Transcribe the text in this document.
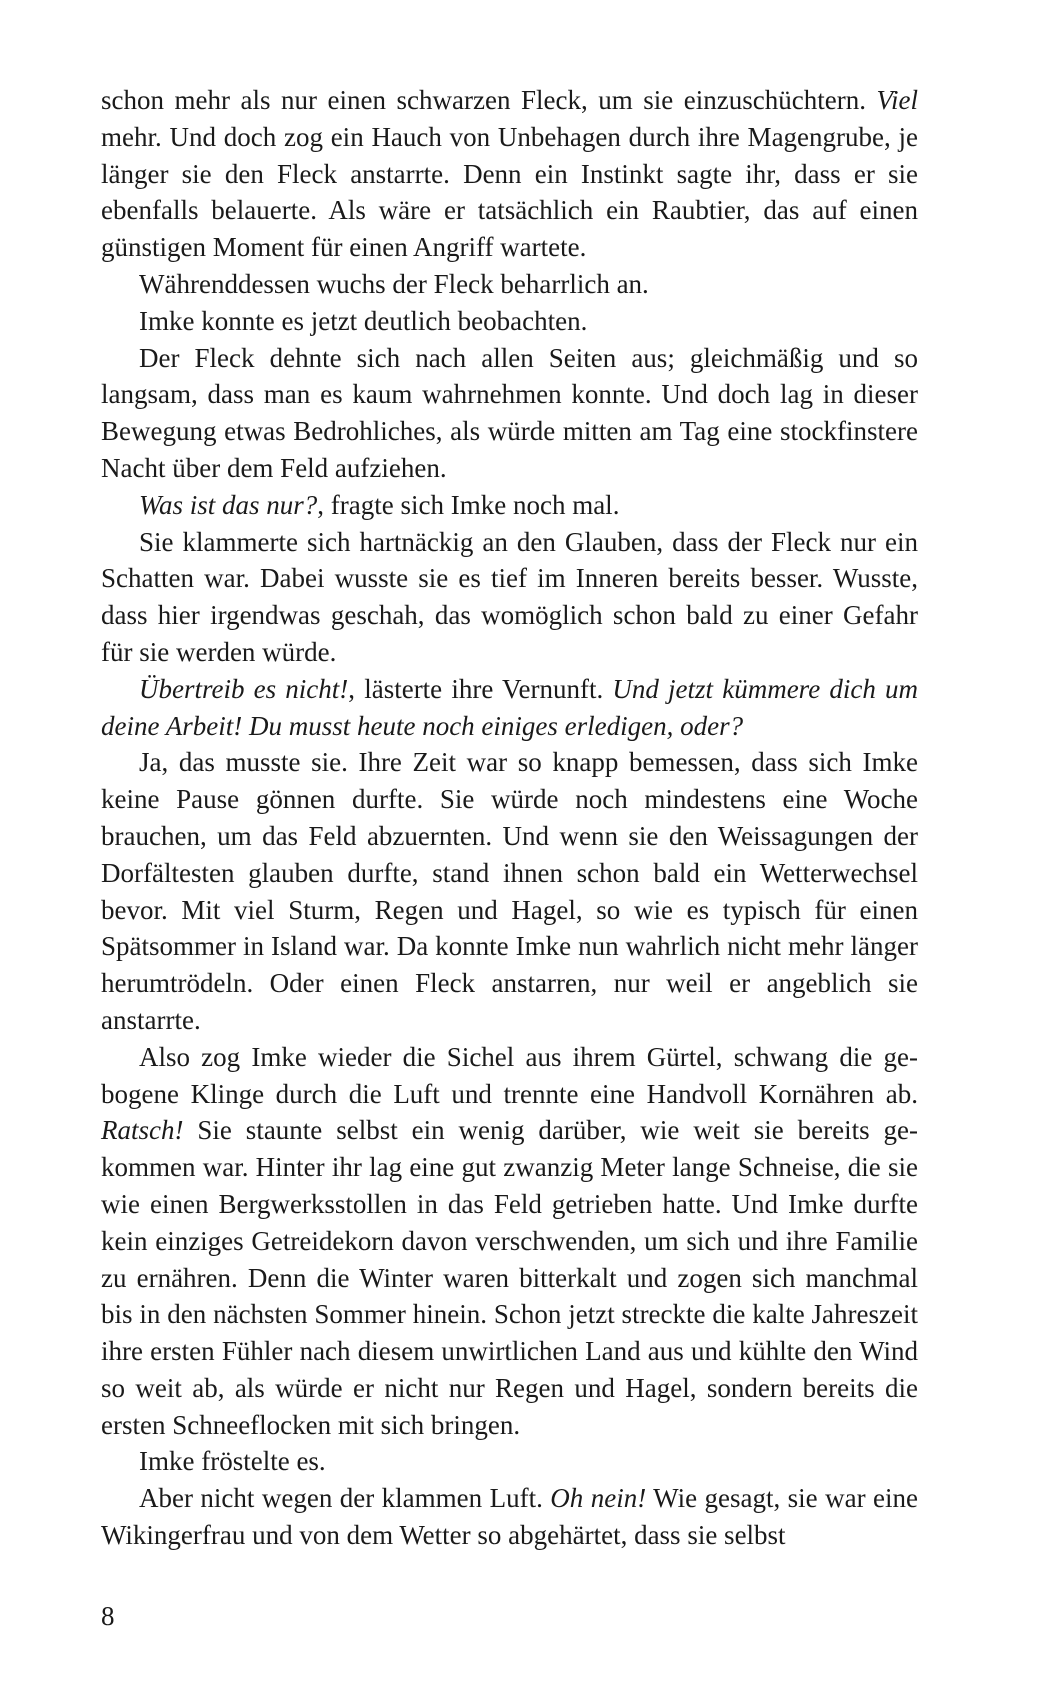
schon mehr als nur einen schwarzen Fleck, um sie einzuschüchtern. Viel mehr. Und doch zog ein Hauch von Unbehagen durch ihre Magengrube, je länger sie den Fleck anstarrte. Denn ein Instinkt sagte ihr, dass er sie ebenfalls belauerte. Als wäre er tatsächlich ein Raubtier, das auf einen günstigen Moment für einen Angriff wartete.

Währenddessen wuchs der Fleck beharrlich an.

Imke konnte es jetzt deutlich beobachten.

Der Fleck dehnte sich nach allen Seiten aus; gleichmäßig und so langsam, dass man es kaum wahrnehmen konnte. Und doch lag in dieser Bewegung etwas Bedrohliches, als würde mitten am Tag eine stockfinstere Nacht über dem Feld aufziehen.

Was ist das nur?, fragte sich Imke noch mal.

Sie klammerte sich hartnäckig an den Glauben, dass der Fleck nur ein Schatten war. Dabei wusste sie es tief im Inneren bereits besser. Wusste, dass hier irgendwas geschah, das womöglich schon bald zu einer Gefahr für sie werden würde.

Übertreib es nicht!, lästerte ihre Vernunft. Und jetzt kümmere dich um deine Arbeit! Du musst heute noch einiges erledigen, oder?

Ja, das musste sie. Ihre Zeit war so knapp bemessen, dass sich Imke keine Pause gönnen durfte. Sie würde noch mindestens eine Woche brauchen, um das Feld abzuernten. Und wenn sie den Weissagungen der Dorfältesten glauben durfte, stand ihnen schon bald ein Wetterwechsel bevor. Mit viel Sturm, Regen und Hagel, so wie es typisch für einen Spätsommer in Island war. Da konnte Imke nun wahrlich nicht mehr länger herumtrödeln. Oder einen Fleck anstarren, nur weil er angeblich sie anstarrte.

Also zog Imke wieder die Sichel aus ihrem Gürtel, schwang die gebogene Klinge durch die Luft und trennte eine Handvoll Kornähren ab. Ratsch! Sie staunte selbst ein wenig darüber, wie weit sie bereits gekommen war. Hinter ihr lag eine gut zwanzig Meter lange Schneise, die sie wie einen Bergwerksstollen in das Feld getrieben hatte. Und Imke durfte kein einziges Getreidekorn davon verschwenden, um sich und ihre Familie zu ernähren. Denn die Winter waren bitterkalt und zogen sich manchmal bis in den nächsten Sommer hinein. Schon jetzt streckte die kalte Jahreszeit ihre ersten Fühler nach diesem unwirtlichen Land aus und kühlte den Wind so weit ab, als würde er nicht nur Regen und Hagel, sondern bereits die ersten Schneeflocken mit sich bringen.

Imke fröstelte es.

Aber nicht wegen der klammen Luft. Oh nein! Wie gesagt, sie war eine Wikingerfrau und von dem Wetter so abgehärtet, dass sie selbst

8
